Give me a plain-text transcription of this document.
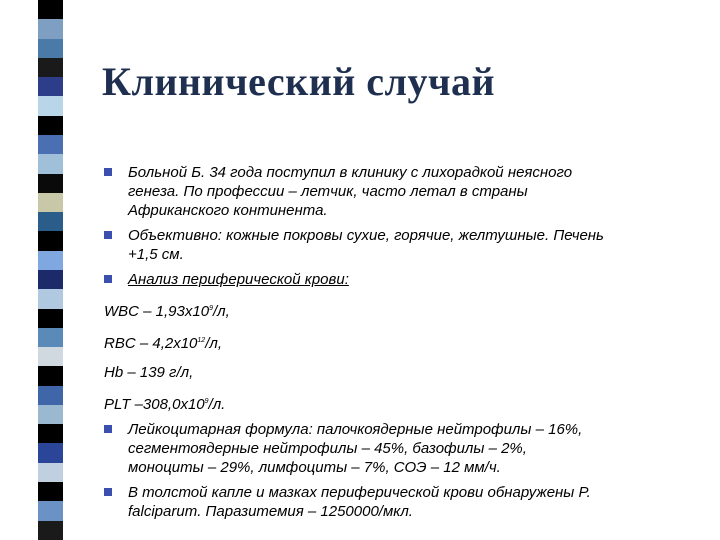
Клинический случай
Больной Б. 34 года поступил в клинику с лихорадкой неясного
генеза. По профессии – летчик, часто летал в страны
Африканского континента.
Объективно: кожные покровы сухие, горячие, желтушные. Печень
+1,5 см.
Анализ периферической крови:
WBC – $1,93х10^9/л$,
RBC – $4,2х10^{12}/л$,
Hb – 139 г/л,
PLT $-308,0х10^9/л$.
Лейкоцитарная формула: палочкоядерные нейтрофилы – 16%,
сегментоядерные нейтрофилы – 45%, базофилы – 2%,
моноциты – 29%, лимфоциты – 7%, СОЭ – 12 мм/ч.
В толстой капле и мазках периферической крови обнаружены P.
falciparum. Паразитемия – 1250000/мкл.
